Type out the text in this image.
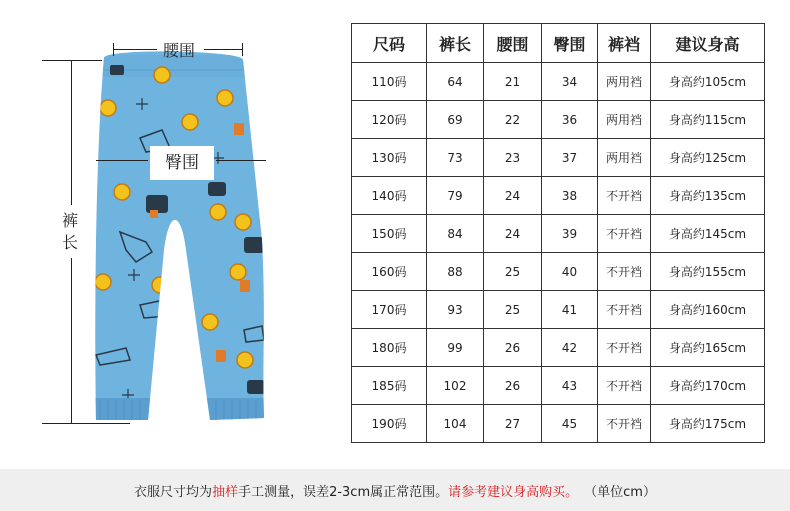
腰围
臀围
裤
长
尺码	裤长	腰围	臀围	裤裆	建议身高
110码	64	21	34	两用裆	身高约105cm
120码	69	22	36	两用裆	身高约115cm
130码	73	23	37	两用裆	身高约125cm
140码	79	24	38	不开裆	身高约135cm
150码	84	24	39	不开裆	身高约145cm
160码	88	25	40	不开裆	身高约155cm
170码	93	25	41	不开裆	身高约160cm
180码	99	26	42	不开裆	身高约165cm
185码	102	26	43	不开裆	身高约170cm
190码	104	27	45	不开裆	身高约175cm
衣服尺寸均为 抽样 手工测量，误差2-3cm属正常范围。 请参考建议身高购买。 （单位cm）
